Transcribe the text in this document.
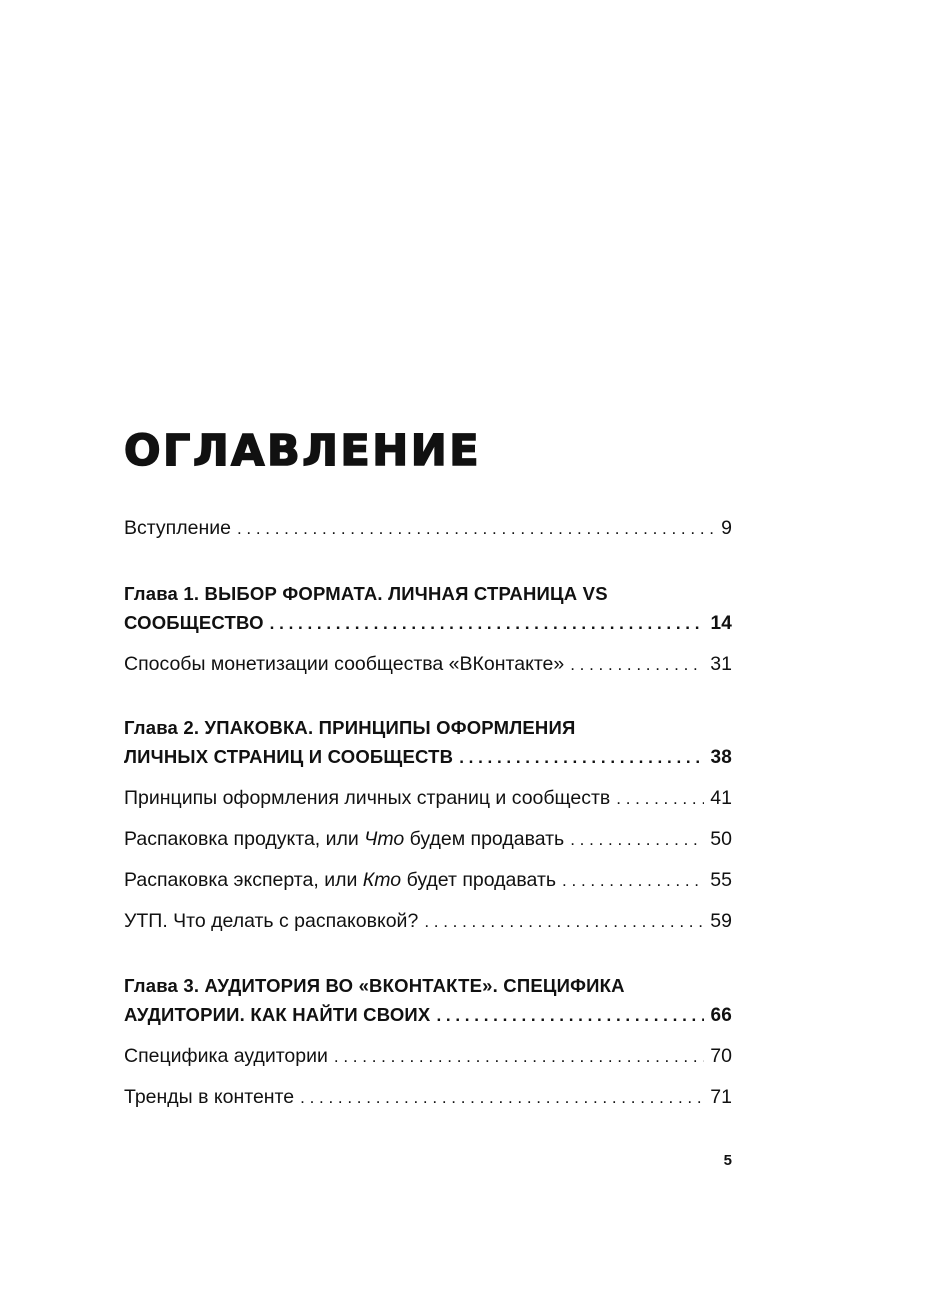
ОГЛАВЛЕНИЕ
Вступление . . .	9
Глава 1. ВЫБОР ФОРМАТА. ЛИЧНАЯ СТРАНИЦА VS
СООБЩЕСТВО . . .	14
Способы монетизации сообщества «ВКонтакте» . . .	31
Глава 2. УПАКОВКА. ПРИНЦИПЫ ОФОРМЛЕНИЯ
ЛИЧНЫХ СТРАНИЦ И СООБЩЕСТВ . . .	38
Принципы оформления личных страниц и сообществ . . .	41
Распаковка продукта, или Что будем продавать . . .	50
Распаковка эксперта, или Кто будет продавать . . .	55
УТП. Что делать с распаковкой? . . .	59
Глава 3. АУДИТОРИЯ ВО «ВКОНТАКТЕ». СПЕЦИФИКА
АУДИТОРИИ. КАК НАЙТИ СВОИХ . . .	66
Специфика аудитории . . .	70
Тренды в контенте . . .	71
5
